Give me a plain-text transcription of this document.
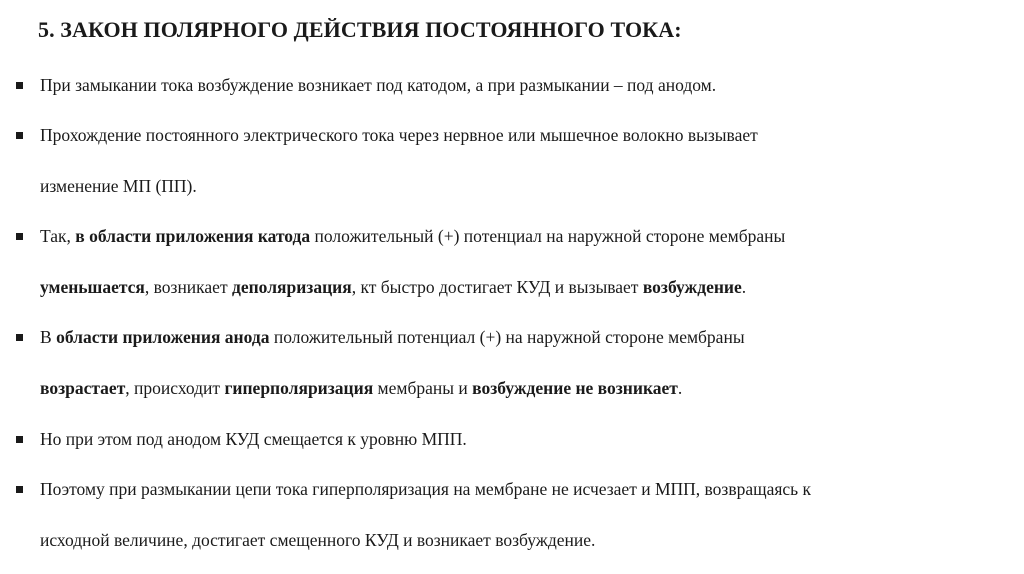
5. ЗАКОН ПОЛЯРНОГО ДЕЙСТВИЯ ПОСТОЯННОГО ТОКА:
При замыкании тока возбуждение возникает под катодом, а при размыкании – под анодом.
Прохождение постоянного электрического тока через нервное или мышечное волокно вызывает
изменение МП (ПП).
Так, в области приложения катода положительный (+) потенциал на наружной стороне мембраны
уменьшается, возникает деполяризация, кт быстро достигает КУД и вызывает возбуждение.
В области приложения анода положительный потенциал (+) на наружной стороне мембраны
возрастает, происходит гиперполяризация мембраны и возбуждение не возникает.
Но при этом под анодом КУД смещается к уровню МПП.
Поэтому при размыкании цепи тока гиперполяризация на мембране не исчезает и МПП, возвращаясь к
исходной величине, достигает смещенного КУД и возникает возбуждение.
